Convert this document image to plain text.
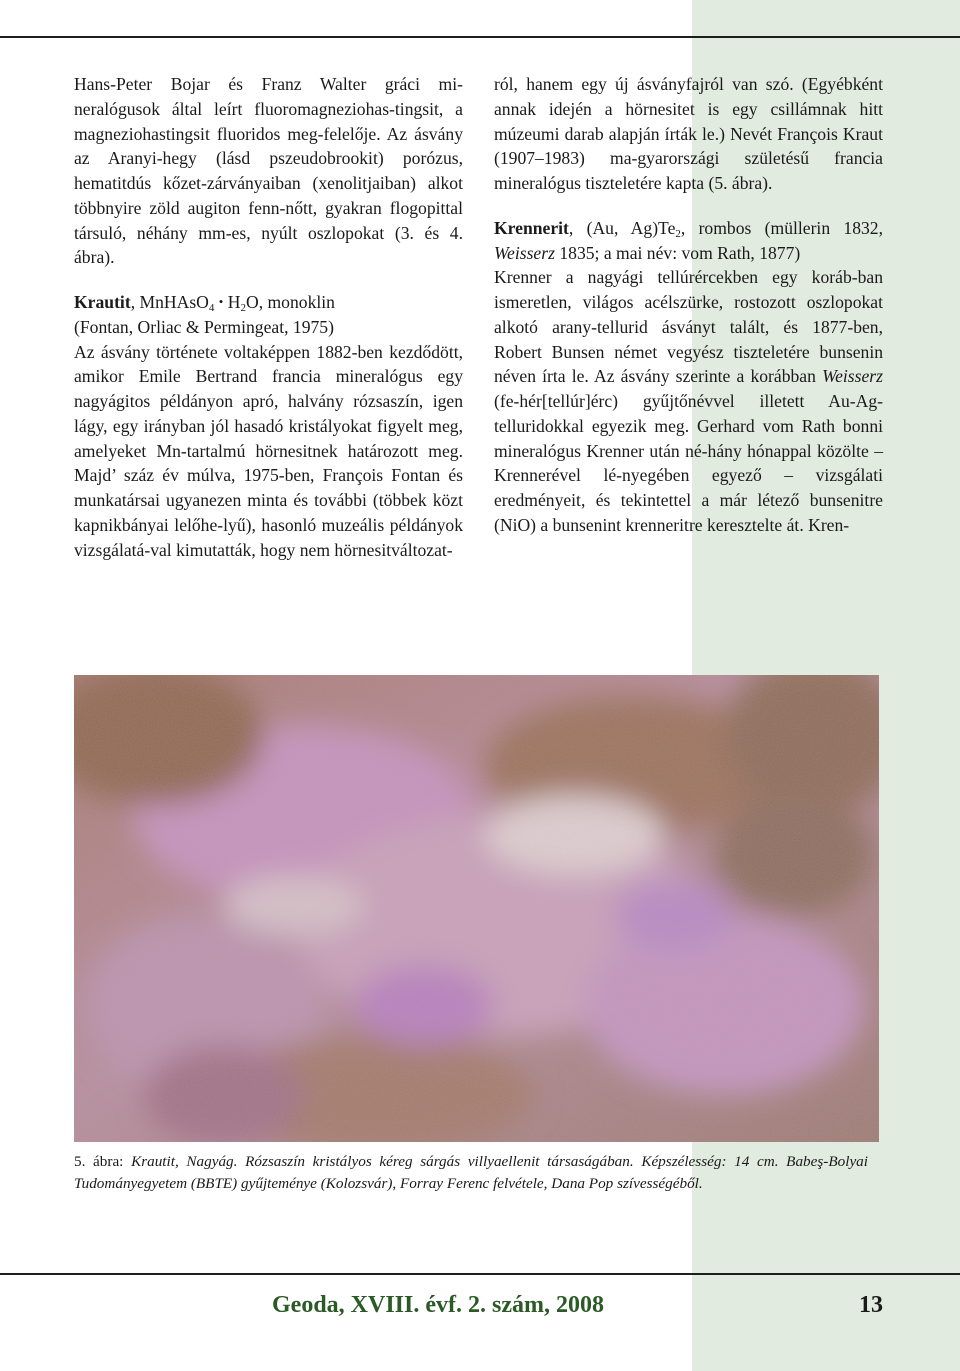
Hans-Peter Bojar és Franz Walter gráci mi-neralógusok által leírt fluoromagneziohas-tingsit, a magneziohastingsit fluoridos meg-felelője. Az ásvány az Aranyi-hegy (lásd pszeudobrookit) porózus, hematitdús kőzet-zárványaiban (xenolitjaiban) alkot többnyire zöld augiton fenn-nőtt, gyakran flogopittal társuló, néhány mm-es, nyúlt oszlopokat (3. és 4. ábra).

Krautit, MnHAsO$_4$ • $H_2O$, monoklin
(Fontan, Orliac & Permingeat, 1975)
Az ásvány története voltaképpen 1882-ben kezdődött, amikor Emile Bertrand francia mineralógus egy nagyágitos példányon apró, halvány rózsaszín, igen lágy, egy irányban jól hasadó kristályokat figyelt meg, amelyeket Mn-tartalmú hörnesitnek határozott meg. Majd’ száz év múlva, 1975-ben, François Fontan és munkatársai ugyanezen minta és további (többek közt kapnikbányai lelőhe-lyű), hasonló muzeális példányok vizsgálatá-val kimutatták, hogy nem hörnesitváltozat-

ról, hanem egy új ásványfajról van szó. (Egyébként annak idején a hörnesitet is egy csillámnak hitt múzeumi darab alapján írták le.) Nevét François Kraut (1907–1983) ma-gyarországi születésű francia mineralógus tiszteletére kapta (5. ábra).

Krennerit, (Au, $Ag)Te_2$, rombos (müllerin 1832, Weisserz 1835; a mai név: vom Rath, 1877)
Krenner a nagyági tellúrércekben egy koráb-ban ismeretlen, világos acélszürke, rostozott oszlopokat alkotó arany-tellurid ásványt talált, és 1877-ben, Robert Bunsen német vegyész tiszteletére bunsenin néven írta le. Az ásvány szerinte a korábban Weisserz (fe-hér[tellúr]érc) gyűjtőnévvel illetett Au-Ag-telluridokkal egyezik meg. Gerhard vom Rath bonni mineralógus Krenner után né-hány hónappal közölte – Krennerével lé-nyegében egyező – vizsgálati eredményeit, és tekintettel a már létező bunsenitre (NiO) a bunsenint krenneritre keresztelte át. Kren-

5. ábra: Krautit, Nagyág. Rózsaszín kristályos kéreg sárgás villyaellenit társaságában. Képszélesség: 14 cm. Babeş-Bolyai Tudományegyetem (BBTE) gyűjteménye (Kolozsvár), Forray Ferenc felvétele, Dana Pop szívességéből.
Geoda, XVIII. évf. 2. szám, 2008	13
